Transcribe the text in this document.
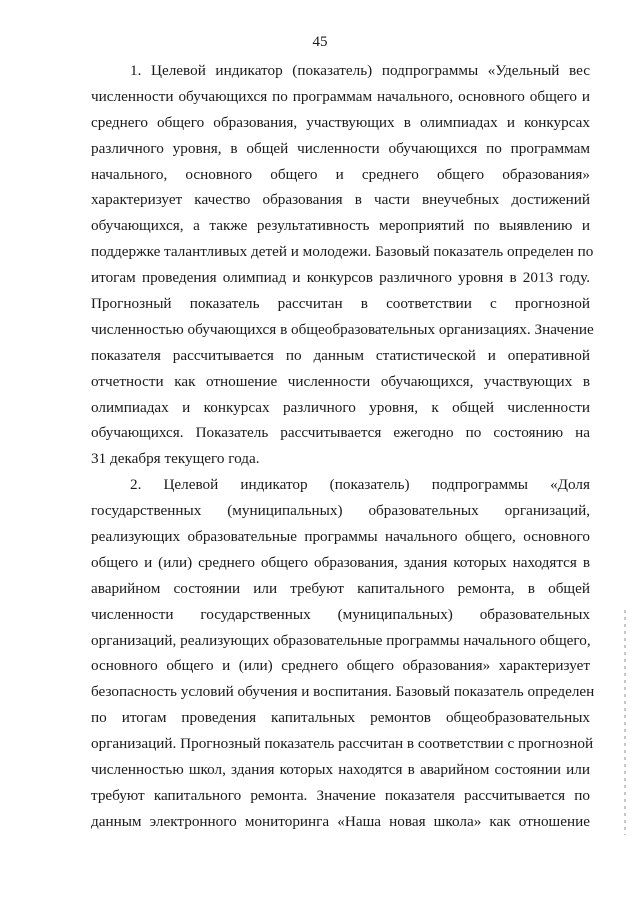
45
1. Целевой индикатор (показатель) подпрограммы «Удельный вес
численности обучающихся по программам начального, основного общего и
среднего общего образования, участвующих в олимпиадах и конкурсах
различного уровня, в общей численности обучающихся по программам
начального, основного общего и среднего общего образования»
характеризует качество образования в части внеучебных достижений
обучающихся, а также результативность мероприятий по выявлению и
поддержке талантливых детей и молодежи. Базовый показатель определен по
итогам проведения олимпиад и конкурсов различного уровня в 2013 году.
Прогнозный показатель рассчитан в соответствии с прогнозной
численностью обучающихся в общеобразовательных организациях. Значение
показателя рассчитывается по данным статистической и оперативной
отчетности как отношение численности обучающихся, участвующих в
олимпиадах и конкурсах различного уровня, к общей численности
обучающихся. Показатель рассчитывается ежегодно по состоянию на
31 декабря текущего года.
2. Целевой индикатор (показатель) подпрограммы «Доля
государственных (муниципальных) образовательных организаций,
реализующих образовательные программы начального общего, основного
общего и (или) среднего общего образования, здания которых находятся в
аварийном состоянии или требуют капитального ремонта, в общей
численности государственных (муниципальных) образовательных
организаций, реализующих образовательные программы начального общего,
основного общего и (или) среднего общего образования» характеризует
безопасность условий обучения и воспитания. Базовый показатель определен
по итогам проведения капитальных ремонтов общеобразовательных
организаций. Прогнозный показатель рассчитан в соответствии с прогнозной
численностью школ, здания которых находятся в аварийном состоянии или
требуют капитального ремонта. Значение показателя рассчитывается по
данным электронного мониторинга «Наша новая школа» как отношение
